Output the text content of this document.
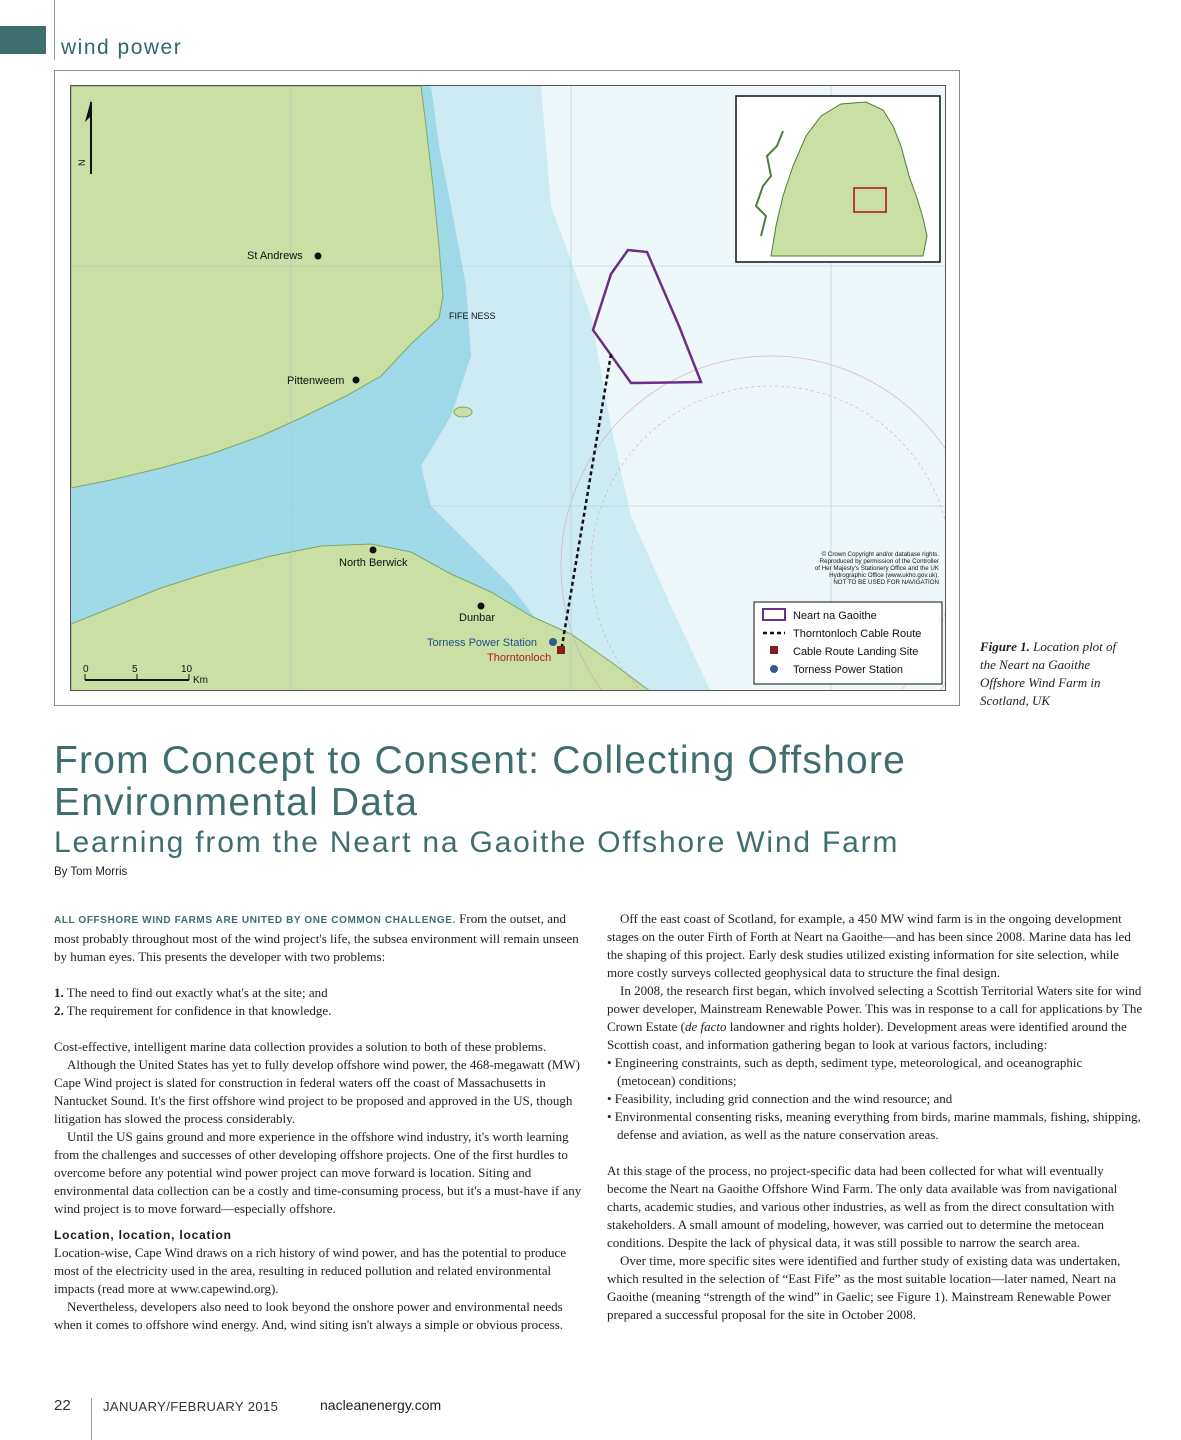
wind power
N
St Andrews
FIFE NESS
Pittenweem
North Berwick
Dunbar
Torness Power Station
Thorntonloch
0	5	10
Km
© Crown Copyright and/or database rights.
Reproduced by permission of the Controller
of Her Majesty's Stationery Office and the UK
Hydrographic Office (www.ukho.gov.uk).
NOT TO BE USED FOR NAVIGATION
Neart na Gaoithe
Thorntonloch Cable Route
Cable Route Landing Site
Torness Power Station
Figure 1. Location plot of the Neart na Gaoithe Offshore Wind Farm in Scotland, UK
From Concept to Consent: Collecting Offshore Environmental Data
Learning from the Neart na Gaoithe Offshore Wind Farm
By Tom Morris

ALL OFFSHORE WIND FARMS ARE UNITED BY ONE COMMON CHALLENGE. From the outset, and most probably throughout most of the wind project's life, the subsea environment will remain unseen by human eyes. This presents the developer with two problems:

1. The need to find out exactly what's at the site; and

2. The requirement for confidence in that knowledge.

Cost-effective, intelligent marine data collection provides a solution to both of these problems.

Although the United States has yet to fully develop offshore wind power, the 468-megawatt (MW) Cape Wind project is slated for construction in federal waters off the coast of Massachusetts in Nantucket Sound. It's the first offshore wind project to be proposed and approved in the US, though litigation has slowed the process considerably.

Until the US gains ground and more experience in the offshore wind industry, it's worth learning from the challenges and successes of other developing offshore projects. One of the first hurdles to overcome before any potential wind power project can move forward is location. Siting and environmental data collection can be a costly and time-consuming process, but it's a must-have if any wind project is to move forward—especially offshore.

Location, location, location

Location-wise, Cape Wind draws on a rich history of wind power, and has the potential to produce most of the electricity used in the area, resulting in reduced pollution and related environmental impacts (read more at www.capewind.org).

Nevertheless, developers also need to look beyond the onshore power and environmental needs when it comes to offshore wind energy. And, wind siting isn't always a simple or obvious process.

Off the east coast of Scotland, for example, a 450 MW wind farm is in the ongoing development stages on the outer Firth of Forth at Neart na Gaoithe—and has been since 2008. Marine data has led the shaping of this project. Early desk studies utilized existing information for site selection, while more costly surveys collected geophysical data to structure the final design.

In 2008, the research first began, which involved selecting a Scottish Territorial Waters site for wind power developer, Mainstream Renewable Power. This was in response to a call for applications by The Crown Estate (de facto landowner and rights holder). Development areas were identified around the Scottish coast, and information gathering began to look at various factors, including:

• Engineering constraints, such as depth, sediment type, meteorological, and oceanographic (metocean) conditions;

• Feasibility, including grid connection and the wind resource; and

• Environmental consenting risks, meaning everything from birds, marine mammals, fishing, shipping, defense and aviation, as well as the nature conservation areas.

At this stage of the process, no project-specific data had been collected for what will eventually become the Neart na Gaoithe Offshore Wind Farm. The only data available was from navigational charts, academic studies, and various other industries, as well as from the direct consultation with stakeholders. A small amount of modeling, however, was carried out to determine the metocean conditions. Despite the lack of physical data, it was still possible to narrow the search area.

Over time, more specific sites were identified and further study of existing data was undertaken, which resulted in the selection of “East Fife” as the most suitable location—later named, Neart na Gaoithe (meaning “strength of the wind” in Gaelic; see Figure 1). Mainstream Renewable Power prepared a successful proposal for the site in October 2008.

22 JANUARY/FEBRUARY 2015	nacleanenergy.com
